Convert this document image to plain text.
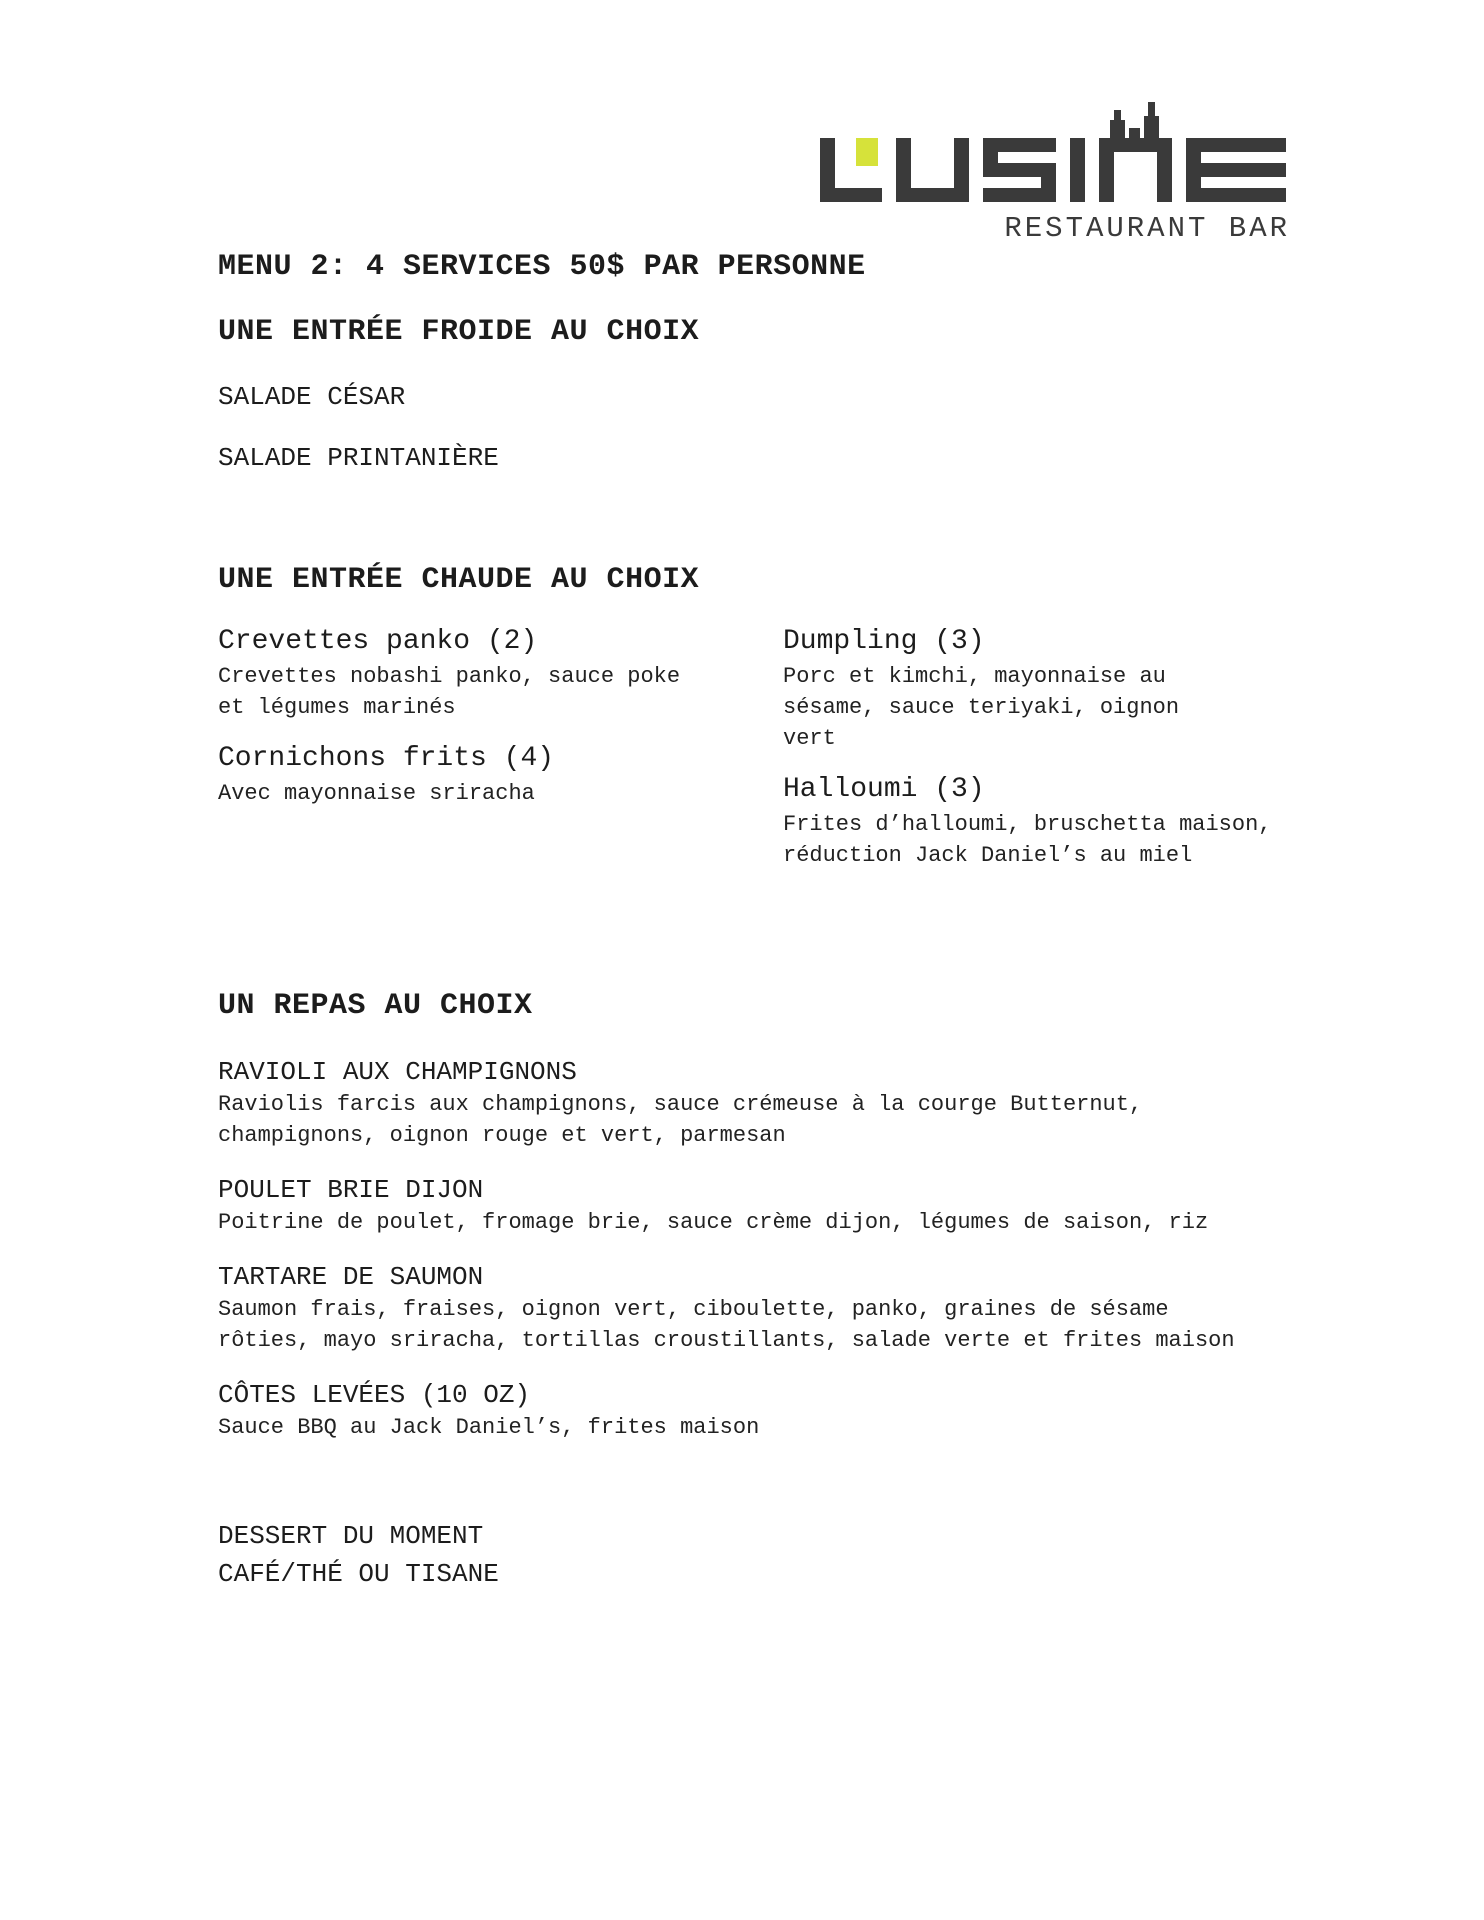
RESTAURANT BAR
MENU 2: 4 SERVICES 50$ PAR PERSONNE
UNE ENTRÉE FROIDE AU CHOIX

SALADE CÉSAR

SALADE PRINTANIÈRE

UNE ENTRÉE CHAUDE AU CHOIX

Crevettes panko (2)

Crevettes nobashi panko, sauce poke et légumes marinés

Cornichons frits (4)

Avec mayonnaise sriracha

Dumpling (3)

Porc et kimchi, mayonnaise au sésame, sauce teriyaki, oignon vert

Halloumi (3)

Frites d’halloumi, bruschetta maison, réduction Jack Daniel’s au miel

UN REPAS AU CHOIX

RAVIOLI AUX CHAMPIGNONS

Raviolis farcis aux champignons, sauce crémeuse à la courge Butternut, champignons, oignon rouge et vert, parmesan

POULET BRIE DIJON

Poitrine de poulet, fromage brie, sauce crème dijon, légumes de saison, riz

TARTARE DE SAUMON

Saumon frais, fraises, oignon vert, ciboulette, panko, graines de sésame rôties, mayo sriracha, tortillas croustillants, salade verte et frites maison

CÔTES LEVÉES (10 OZ)

Sauce BBQ au Jack Daniel’s, frites maison

DESSERT DU MOMENT

CAFÉ/THÉ OU TISANE
